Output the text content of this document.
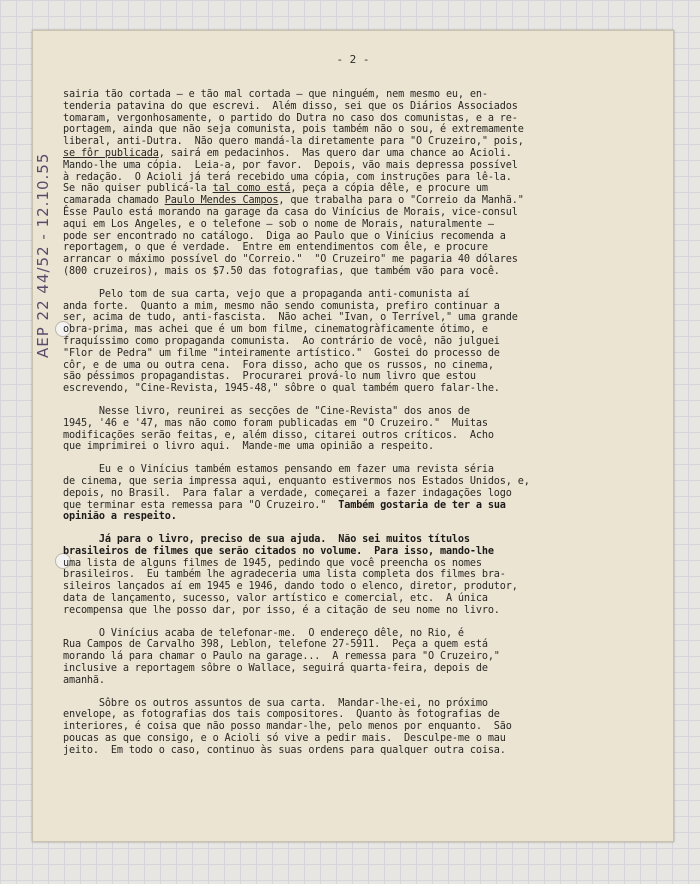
- 2 -
sairia tão cortada — e tão mal cortada — que ninguém, nem mesmo eu, en-
tenderia patavina do que escrevi.  Além disso, sei que os Diários Associados
tomaram, vergonhosamente, o partido do Dutra no caso dos comunistas, e a re-
portagem, ainda que não seja comunista, pois também não o sou, é extremamente
liberal, anti-Dutra.  Não quero mandá-la diretamente para "O Cruzeiro," pois,
se fôr publicada, sairá em pedacinhos.  Mas quero dar uma chance ao Acioli.
Mando-lhe uma cópia.  Leia-a, por favor.  Depois, vão mais depressa possível
à redação.  O Acioli já terá recebido uma cópia, com instruções para lê-la.
Se não quiser publicá-la tal como está, peça a cópia dêle, e procure um
camarada chamado Paulo Mendes Campos, que trabalha para o "Correio da Manhã."
Êsse Paulo está morando na garage da casa do Vinícius de Morais, vice-consul
aqui em Los Angeles, e o telefone — sob o nome de Morais, naturalmente —
pode ser encontrado no catálogo.  Diga ao Paulo que o Vinícius recomenda a
reportagem, o que é verdade.  Entre em entendimentos com êle, e procure
arrancar o máximo possível do "Correio."  "O Cruzeiro" me pagaria 40 dólares
(800 cruzeiros), mais os $7.50 das fotografias, que também vão para você.
Pelo tom de sua carta, vejo que a propaganda anti-comunista aí
anda forte.  Quanto a mim, mesmo não sendo comunista, prefiro continuar a
ser, acima de tudo, anti-fascista.  Não achei "Ivan, o Terrível," uma grande
obra-prima, mas achei que é um bom filme, cinematogràficamente ótimo, e
fraquíssimo como propaganda comunista.  Ao contrário de você, não julguei
"Flor de Pedra" um filme "inteiramente artístico."  Gostei do processo de
côr, e de uma ou outra cena.  Fora disso, acho que os russos, no cinema,
são péssimos propagandistas.  Procurarei prová-lo num livro que estou
escrevendo, "Cine-Revista, 1945-48," sôbre o qual também quero falar-lhe.
Nesse livro, reunirei as secções de "Cine-Revista" dos anos de
1945, '46 e '47, mas não como foram publicadas em "O Cruzeiro."  Muitas
modificações serão feitas, e, além disso, citarei outros críticos.  Acho
que imprimirei o livro aqui.  Mande-me uma opinião a respeito.
Eu e o Vinícius também estamos pensando em fazer uma revista séria
de cinema, que seria impressa aqui, enquanto estivermos nos Estados Unidos, e,
depois, no Brasil.  Para falar a verdade, começarei a fazer indagações logo
que terminar esta remessa para "O Cruzeiro."  Também gostaria de ter a sua
opinião a respeito.
Já para o livro, preciso de sua ajuda.  Não sei muitos títulos
brasileiros de filmes que serão citados no volume.  Para isso, mando-lhe
uma lista de alguns filmes de 1945, pedindo que você preencha os nomes
brasileiros.  Eu também lhe agradeceria uma lista completa dos filmes bra-
sileiros lançados aí em 1945 e 1946, dando todo o elenco, diretor, produtor,
data de lançamento, sucesso, valor artístico e comercial, etc.  A única
recompensa que lhe posso dar, por isso, é a citação de seu nome no livro.
O Vinícius acaba de telefonar-me.  O endereço dêle, no Rio, é
Rua Campos de Carvalho 398, Leblon, telefone 27-5911.  Peça a quem está
morando lá para chamar o Paulo na garage...  A remessa para "O Cruzeiro,"
inclusive a reportagem sôbre o Wallace, seguirá quarta-feira, depois de
amanhã.
Sôbre os outros assuntos de sua carta.  Mandar-lhe-ei, no próximo
envelope, as fotografias dos tais compositores.  Quanto às fotografias de
interiores, é coisa que não posso mandar-lhe, pelo menos por enquanto.  São
poucas as que consigo, e o Acioli só vive a pedir mais.  Desculpe-me o mau
jeito.  Em todo o caso, continuo às suas ordens para qualquer outra coisa.
AEP 22 44/52 - 12.10.55
